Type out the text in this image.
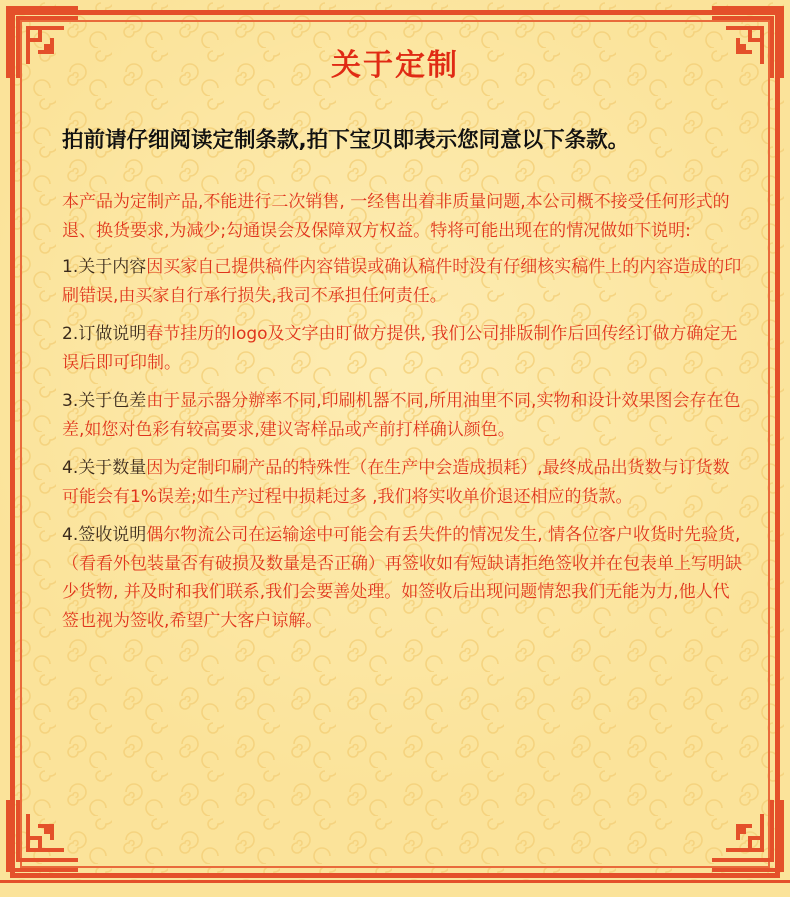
关于定制
拍前请仔细阅读定制条款,拍下宝贝即表示您同意以下条款。

本产品为定制产品,不能进行二次销售, 一经售出着非质量问题,本公司概不接受任何形式的退、换货要求,为减少;勾通误会及保障双方权益。特将可能出现在的情况做如下说明:

1.关于内容因买家自己提供稿件内容错误或确认稿件时没有仔细核实稿件上的内容造成的印刷错误,由买家自行承行损失,我司不承担任何责任。

2.订做说明春节挂历的logo及文字由盯做方提供, 我们公司排版制作后回传经订做方确定无误后即可印制。

3.关于色差由于显示器分辦率不同,印刷机器不同,所用油里不同,实物和设计效果图会存在色差,如您对色彩有较高要求,建议寄样品或产前打样确认颜色。

4.关于数量因为定制印刷产品的特殊性（在生产中会造成损耗）,最终成品出货数与订货数可能会有1%误差;如生产过程中损耗过多 ,我们将实收单价退还相应的货款。

4.签收说明偶尔物流公司在运输途中可能会有丢失件的情况发生, 情各位客户收货时先验货, （看看外包装量否有破损及数量是否正确）再签收如有短缺请拒绝签收并在包表单上写明缺少货物, 并及时和我们联系,我们会要善处理。如签收后出现问题情恕我们无能为力,他人代签也视为签收,希望广大客户谅解。
